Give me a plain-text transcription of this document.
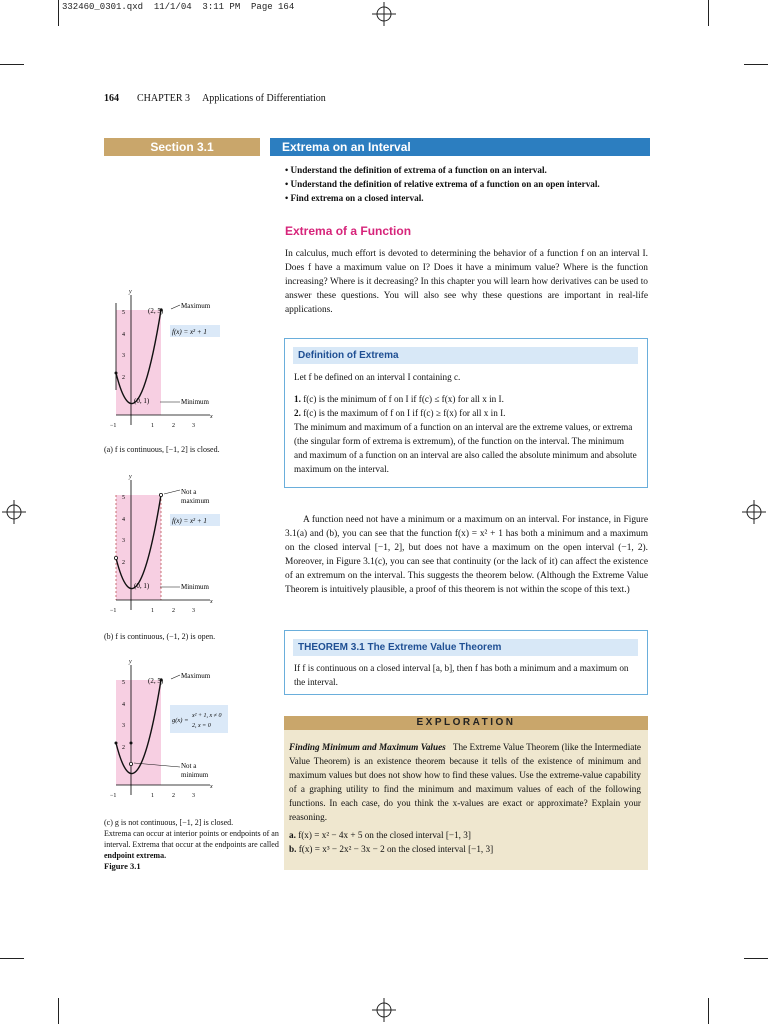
332460_0301.qxd  11/1/04  3:11 PM  Page 164
164 CHAPTER 3 Applications of Differentiation
Section 3.1	Extrema on an Interval
• Understand the definition of extrema of a function on an interval.
• Understand the definition of relative extrema of a function on an open interval.
• Find extrema on a closed interval.
Extrema of a Function
In calculus, much effort is devoted to determining the behavior of a function f on an interval I. Does f have a maximum value on I? Does it have a minimum value? Where is the function increasing? Where is it decreasing? In this chapter you will learn how derivatives can be used to answer these questions. You will also see why these questions are important in real-life applications.
Definition of Extrema
Let f be defined on an interval I containing c.
1. f(c) is the minimum of f on I if f(c) ≤ f(x) for all x in I.
2. f(c) is the maximum of f on I if f(c) ≥ f(x) for all x in I.
The minimum and maximum of a function on an interval are the extreme values, or extrema (the singular form of extrema is extremum), of the function on the interval. The minimum and maximum of a function on an interval are also called the absolute minimum and absolute maximum on the interval.
A function need not have a minimum or a maximum on an interval. For instance, in Figure 3.1(a) and (b), you can see that the function f(x) = x² + 1 has both a minimum and a maximum on the closed interval [−1, 2], but does not have a maximum on the open interval (−1, 2). Moreover, in Figure 3.1(c), you can see that continuity (or the lack of it) can affect the existence of an extremum on the interval. This suggests the theorem below. (Although the Extreme Value Theorem is intuitively plausible, a proof of this theorem is not within the scope of this text.)
THEOREM 3.1 The Extreme Value Theorem
If f is continuous on a closed interval [a, b], then f has both a minimum and a maximum on the interval.
EXPLORATION
Finding Minimum and Maximum Values The Extreme Value Theorem (like the Intermediate Value Theorem) is an existence theorem because it tells of the existence of minimum and maximum values but does not show how to find these values. Use the extreme-value capability of a graphing utility to find the minimum and maximum values of each of the following functions. In each case, do you think the x-values are exact or approximate? Explain your reasoning.
a. f(x) = x² − 4x + 5 on the closed interval [−1, 3]
b. f(x) = x³ − 2x² − 3x − 2 on the closed interval [−1, 3]
y
x
2
3
4
5
−1	1	2	3
(2, 5)
Maximum
f(x) = x² + 1
(0, 1)	Minimum
(a) f is continuous, [−1, 2] is closed.
y
x
2
3
4
5
−1	1	2	3
Not a
maximum
f(x) = x² + 1
(0, 1)	Minimum
(b) f is continuous, (−1, 2) is open.
y
x
2
3
4
5
−1	1	2	3
(2, 5)
Maximum
g(x) =
x² + 1, x ≠ 0
2, x = 0
Not a
minimum
(c) g is not continuous, [−1, 2] is closed.
Extrema can occur at interior points or endpoints of an interval. Extrema that occur at the endpoints are called endpoint extrema.
Figure 3.1
